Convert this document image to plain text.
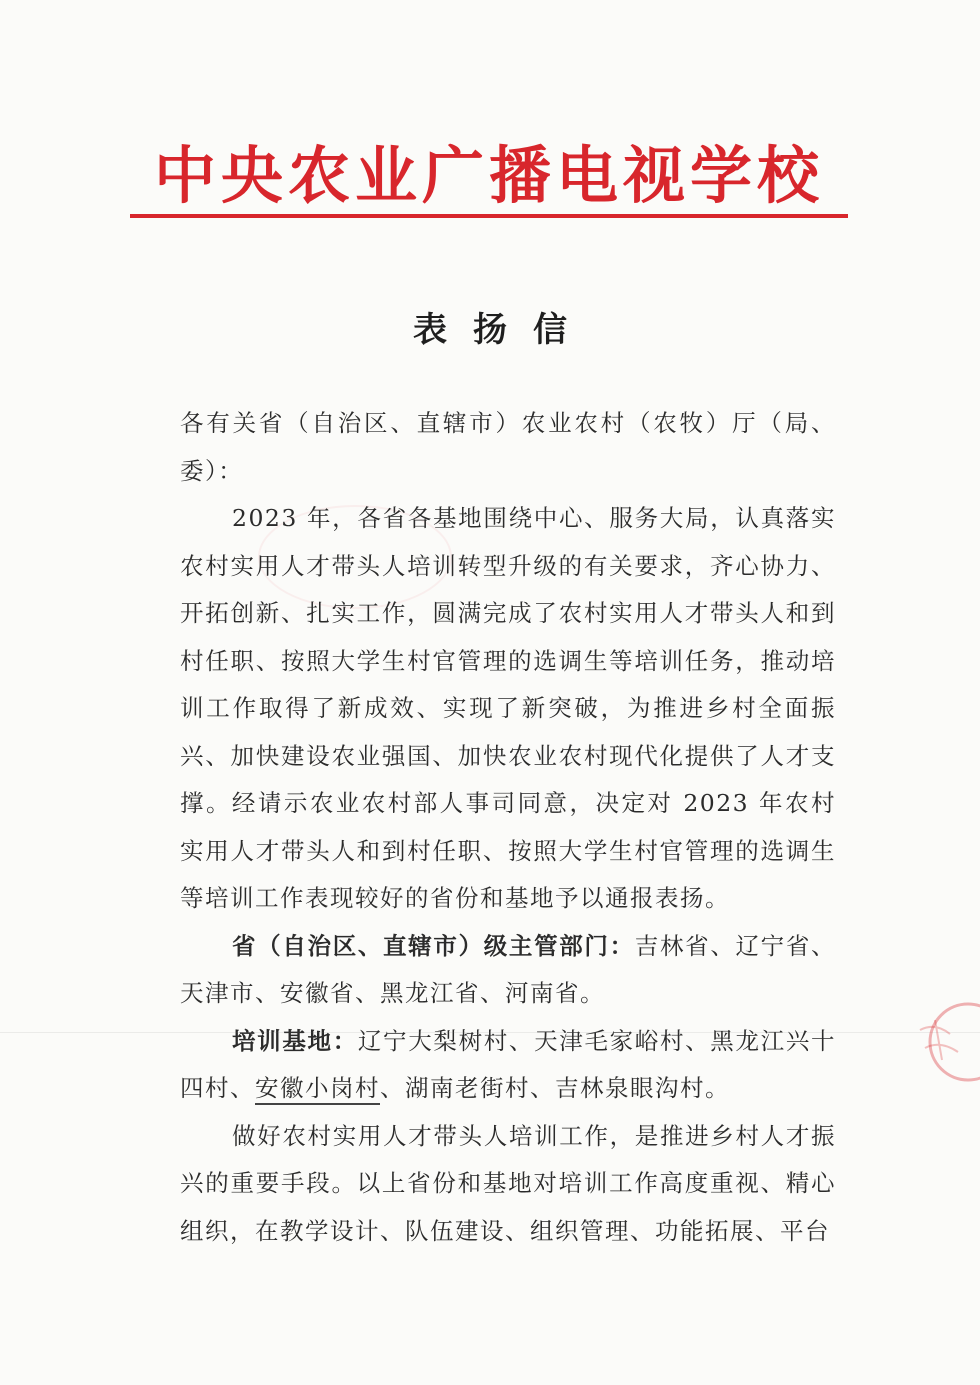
中央农业广播电视学校
表扬信

各有关省（自治区、直辖市）农业农村（农牧）厅（局、委）：

2023 年，各省各基地围绕中心、服务大局，认真落实农村实用人才带头人培训转型升级的有关要求，齐心协力、开拓创新、扎实工作，圆满完成了农村实用人才带头人和到村任职、按照大学生村官管理的选调生等培训任务，推动培训工作取得了新成效、实现了新突破，为推进乡村全面振兴、加快建设农业强国、加快农业农村现代化提供了人才支撑。经请示农业农村部人事司同意，决定对 2023 年农村实用人才带头人和到村任职、按照大学生村官管理的选调生等培训工作表现较好的省份和基地予以通报表扬。

省（自治区、直辖市）级主管部门：吉林省、辽宁省、天津市、安徽省、黑龙江省、河南省。

培训基地：辽宁大梨树村、天津毛家峪村、黑龙江兴十四村、安徽小岗村、湖南老街村、吉林泉眼沟村。

做好农村实用人才带头人培训工作，是推进乡村人才振兴的重要手段。以上省份和基地对培训工作高度重视、精心组织，在教学设计、队伍建设、组织管理、功能拓展、平台
